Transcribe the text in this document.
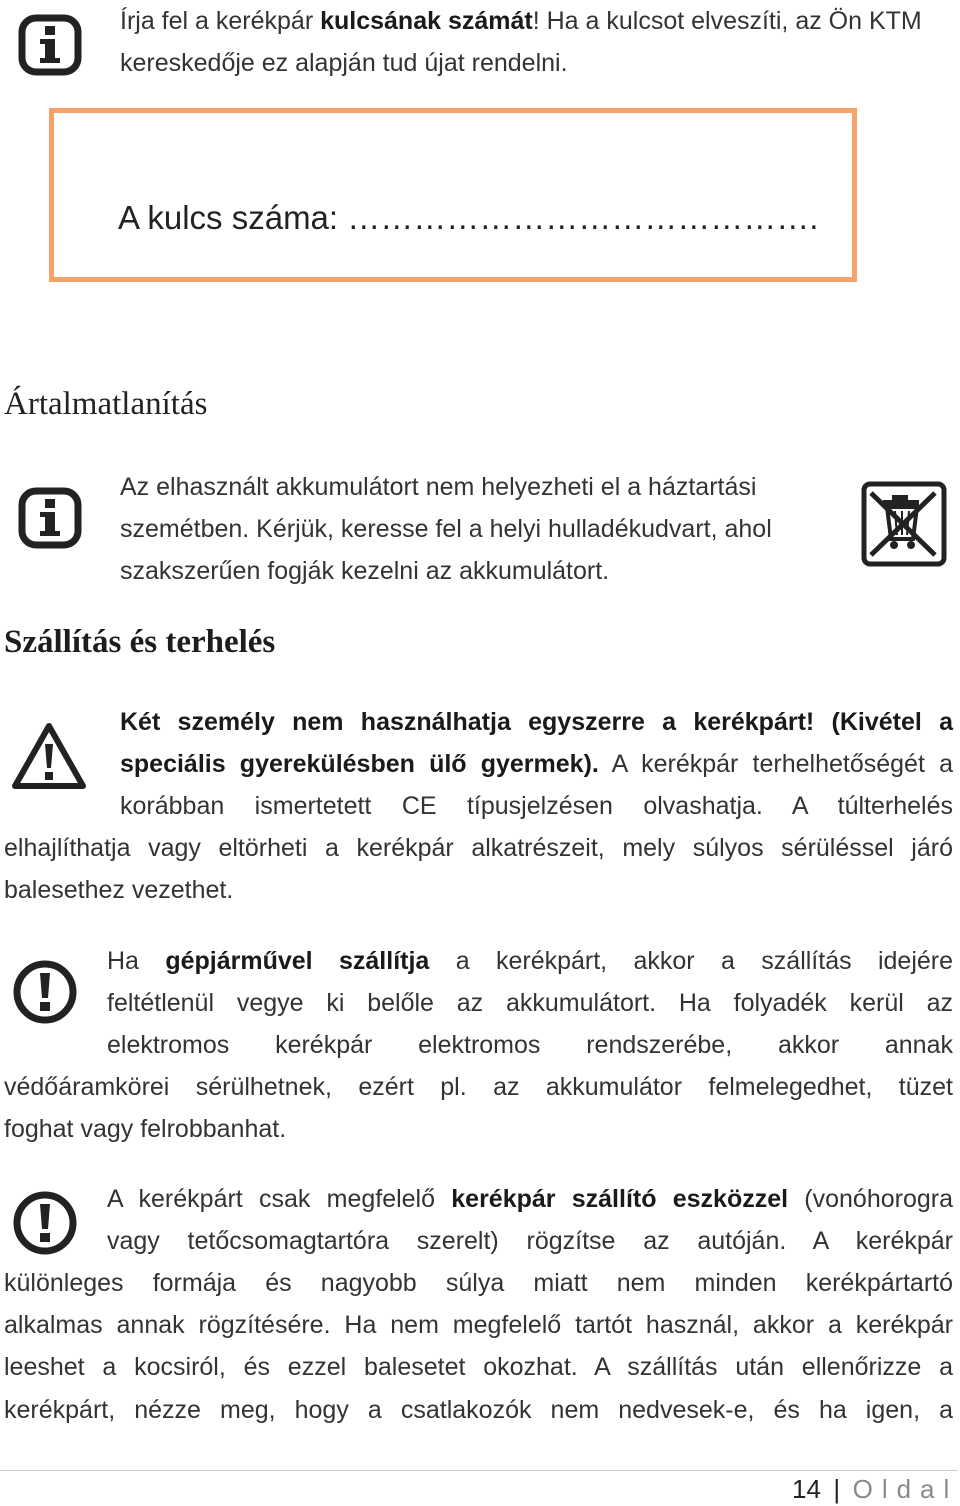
Írja fel a kerékpár kulcsának számát! Ha a kulcsot elveszíti, az Ön KTM
kereskedője ez alapján tud újat rendelni.
A kulcs száma: …………………………………….
Ártalmatlanítás
Az elhasznált akkumulátort nem helyezheti el a háztartási
szemétben. Kérjük, keresse fel a helyi hulladékudvart, ahol
szakszerűen fogják kezelni az akkumulátort.
Szállítás és terhelés
Két személy nem használhatja egyszerre a kerékpárt! (Kivétel a
speciális gyerekülésben ülő gyermek). A kerékpár terhelhetőségét a
korábban ismertetett CE típusjelzésen olvashatja. A túlterhelés
elhajlíthatja vagy eltörheti a kerékpár alkatrészeit, mely súlyos sérüléssel járó
balesethez vezethet.
Ha gépjárművel szállítja a kerékpárt, akkor a szállítás idejére
feltétlenül vegye ki belőle az akkumulátort. Ha folyadék kerül az
elektromos kerékpár elektromos rendszerébe, akkor annak
védőáramkörei sérülhetnek, ezért pl. az akkumulátor felmelegedhet, tüzet
foghat vagy felrobbanhat.
A kerékpárt csak megfelelő kerékpár szállító eszközzel (vonóhorogra
vagy tetőcsomagtartóra szerelt) rögzítse az autóján. A kerékpár
különleges formája és nagyobb súlya miatt nem minden kerékpártartó
alkalmas annak rögzítésére. Ha nem megfelelő tartót használ, akkor a kerékpár
leeshet a kocsiról, és ezzel balesetet okozhat. A szállítás után ellenőrizze a
kerékpárt, nézze meg, hogy a csatlakozók nem nedvesek-e, és ha igen, a
14 | Oldal
